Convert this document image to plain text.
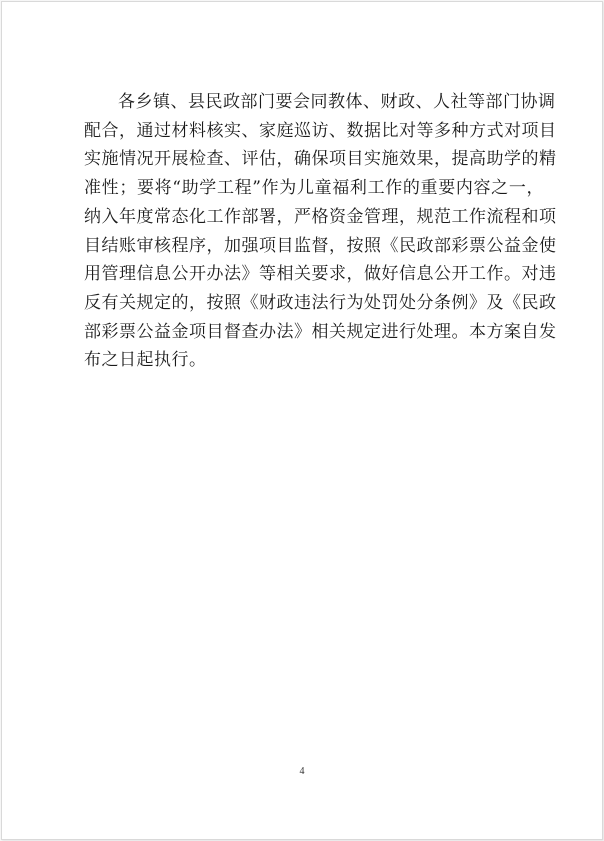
各乡镇、县民政部门要会同教体、财政、人社等部门协调
配合，通过材料核实、家庭巡访、数据比对等多种方式对项目
实施情况开展检查、评估，确保项目实施效果，提高助学的精
准性；要将“助学工程”作为儿童福利工作的重要内容之一，
纳入年度常态化工作部署，严格资金管理，规范工作流程和项
目结账审核程序，加强项目监督，按照《民政部彩票公益金使
用管理信息公开办法》等相关要求，做好信息公开工作。对违
反有关规定的，按照《财政违法行为处罚处分条例》及《民政
部彩票公益金项目督查办法》相关规定进行处理。本方案自发
布之日起执行。
4
